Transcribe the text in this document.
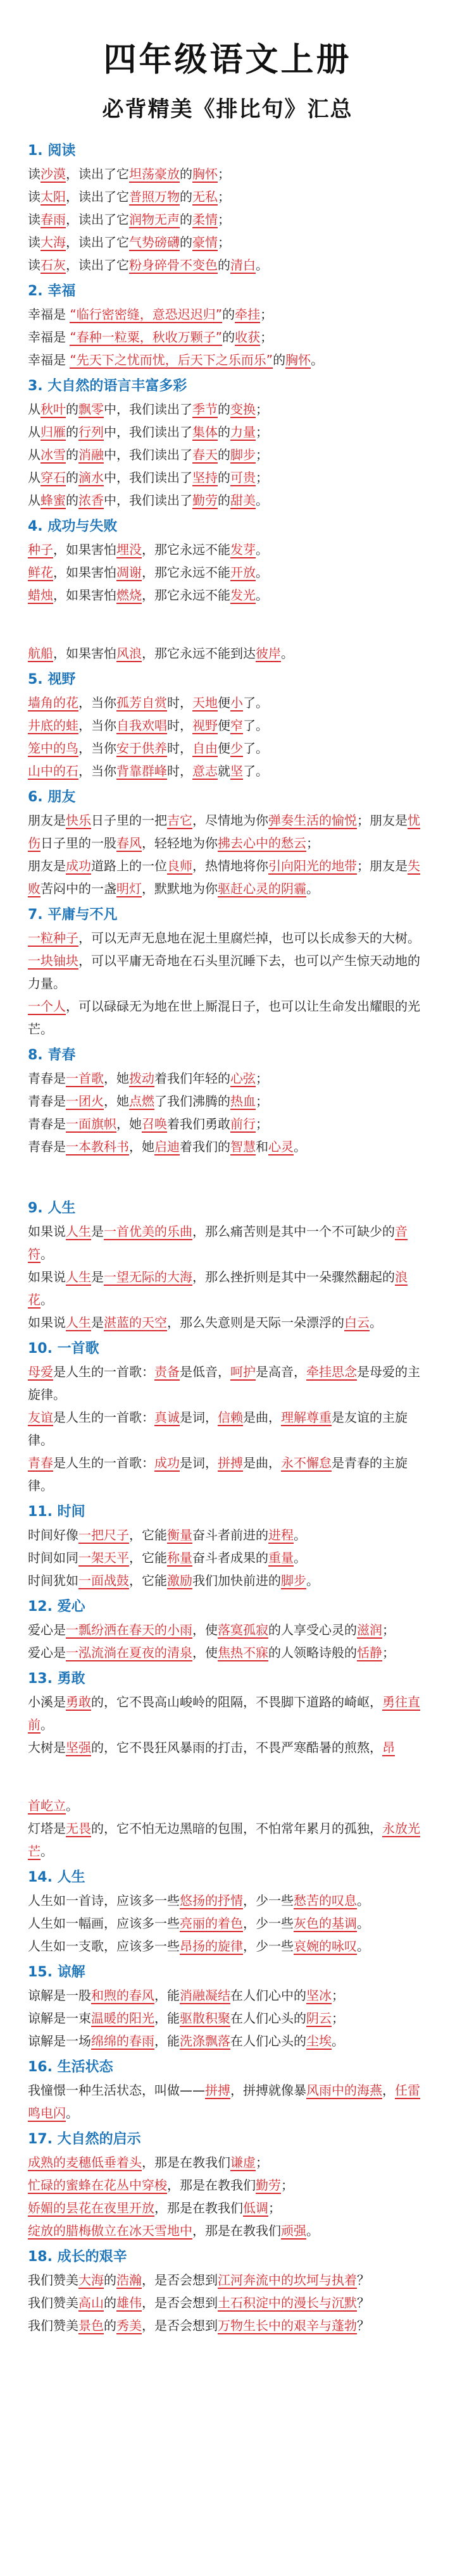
四年级语文上册
必背精美《排比句》汇总
1. 阅读
读沙漠，读出了它坦荡豪放的胸怀；
读太阳，读出了它普照万物的无私；
读春雨，读出了它润物无声的柔情；
读大海，读出了它气势磅礴的豪情；
读石灰，读出了它粉身碎骨不变色的清白。
2. 幸福
幸福是 “临行密密缝，意恐迟迟归”的牵挂；
幸福是 “春种一粒粟，秋收万颗子”的收获；
幸福是 “先天下之忧而忧，后天下之乐而乐”的胸怀。
3. 大自然的语言丰富多彩
从秋叶的飘零中，我们读出了季节的变换；
从归雁的行列中，我们读出了集体的力量；
从冰雪的消融中，我们读出了春天的脚步；
从穿石的滴水中，我们读出了坚持的可贵；
从蜂蜜的浓香中，我们读出了勤劳的甜美。
4. 成功与失败
种子，如果害怕埋没，那它永远不能发芽。
鲜花，如果害怕凋谢，那它永远不能开放。
蜡烛，如果害怕燃烧，那它永远不能发光。
航船，如果害怕风浪，那它永远不能到达彼岸。
5. 视野
墙角的花，当你孤芳自赏时，天地便小了。
井底的蛙，当你自我欢唱时，视野便窄了。
笼中的鸟，当你安于供养时，自由便少了。
山中的石，当你背靠群峰时，意志就坚了。
6. 朋友
朋友是快乐日子里的一把吉它，尽情地为你弹奏生活的愉悦；朋友是忧伤日子里的一股春风，轻轻地为你拂去心中的愁云；
朋友是成功道路上的一位良师，热情地将你引向阳光的地带；朋友是失败苦闷中的一盏明灯，默默地为你驱赶心灵的阴霾。
7. 平庸与不凡
一粒种子，可以无声无息地在泥土里腐烂掉，也可以长成参天的大树。
一块铀块，可以平庸无奇地在石头里沉睡下去，也可以产生惊天动地的力量。
一个人，可以碌碌无为地在世上厮混日子，也可以让生命发出耀眼的光芒。
8. 青春
青春是一首歌，她拨动着我们年轻的心弦；
青春是一团火，她点燃了我们沸腾的热血；
青春是一面旗帜，她召唤着我们勇敢前行；
青春是一本教科书，她启迪着我们的智慧和心灵。
9. 人生
如果说人生是一首优美的乐曲，那么痛苦则是其中一个不可缺少的音符。
如果说人生是一望无际的大海，那么挫折则是其中一朵骤然翻起的浪花。
如果说人生是湛蓝的天空，那么失意则是天际一朵漂浮的白云。
10. 一首歌
母爱是人生的一首歌：责备是低音，呵护是高音，牵挂思念是母爱的主旋律。
友谊是人生的一首歌：真诚是词，信赖是曲，理解尊重是友谊的主旋律。
青春是人生的一首歌：成功是词，拼搏是曲，永不懈怠是青春的主旋律。
11. 时间
时间好像一把尺子，它能衡量奋斗者前进的进程。
时间如同一架天平，它能称量奋斗者成果的重量。
时间犹如一面战鼓，它能激励我们加快前进的脚步。
12. 爱心
爱心是一瓢纷洒在春天的小雨，使落寞孤寂的人享受心灵的滋润；
爱心是一泓流淌在夏夜的清泉，使焦热不寐的人领略诗般的恬静；
13. 勇敢
小溪是勇敢的，它不畏高山峻岭的阻隔，不畏脚下道路的崎岖，勇往直前。
大树是坚强的，它不畏狂风暴雨的打击，不畏严寒酷暑的煎熬，昂
首屹立。
灯塔是无畏的，它不怕无边黑暗的包围，不怕常年累月的孤独，永放光芒。
14. 人生
人生如一首诗，应该多一些悠扬的抒情，少一些愁苦的叹息。
人生如一幅画，应该多一些亮丽的着色，少一些灰色的基调。
人生如一支歌，应该多一些昂扬的旋律，少一些哀婉的咏叹。
15. 谅解
谅解是一股和煦的春风，能消融凝结在人们心中的坚冰；
谅解是一束温暖的阳光，能驱散积聚在人们心头的阴云；
谅解是一场绵绵的春雨，能洗涤飘落在人们心头的尘埃。
16. 生活状态
我憧憬一种生活状态，叫做——拼搏，拼搏就像暴风雨中的海燕，任雷鸣电闪。
17. 大自然的启示
成熟的麦穗低垂着头，那是在教我们谦虚；
忙碌的蜜蜂在花丛中穿梭，那是在教我们勤劳；
娇媚的昙花在夜里开放，那是在教我们低调；
绽放的腊梅傲立在冰天雪地中，那是在教我们顽强。
18. 成长的艰辛
我们赞美大海的浩瀚，是否会想到江河奔流中的坎坷与执着？
我们赞美高山的雄伟，是否会想到土石积淀中的漫长与沉默？
我们赞美景色的秀美，是否会想到万物生长中的艰辛与蓬勃？
